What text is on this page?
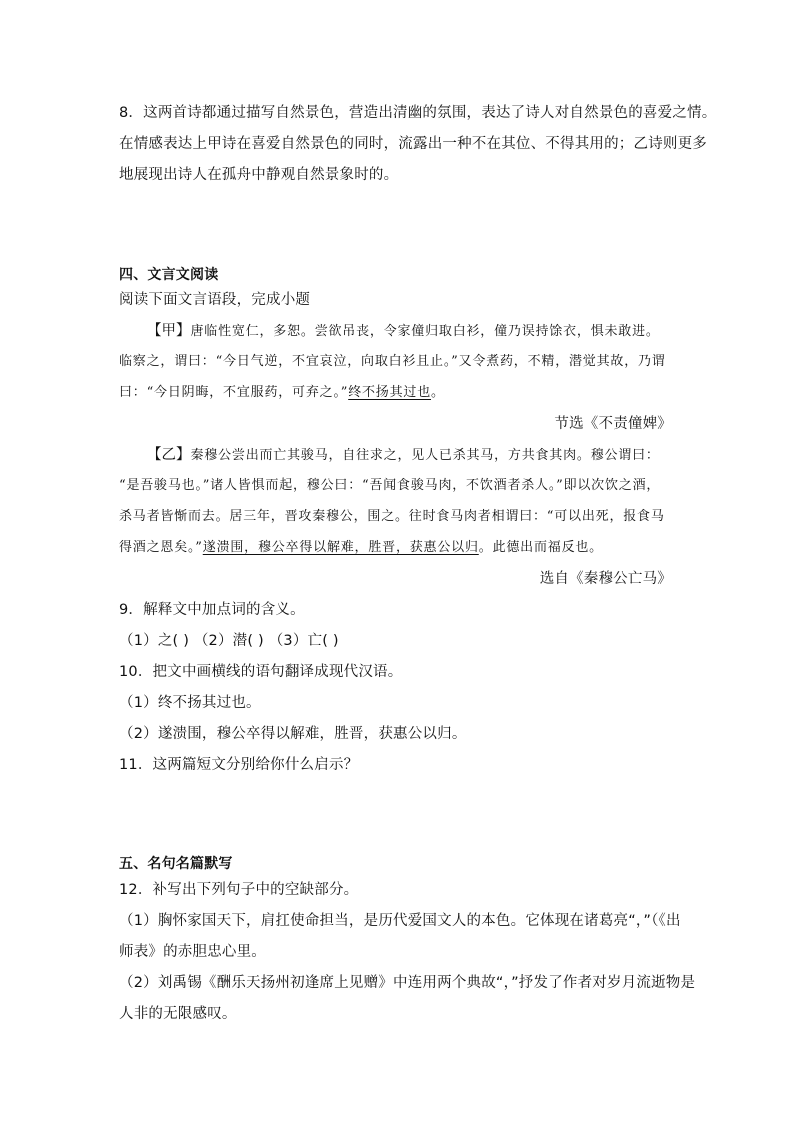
8．这两首诗都通过描写自然景色，营造出清幽的氛围，表达了诗人对自然景色的喜爱之情。
在情感表达上甲诗在喜爱自然景色的同时，流露出一种不在其位、不得其用的；乙诗则更多
地展现出诗人在孤舟中静观自然景象时的。
四、文言文阅读
阅读下面文言语段，完成小题
【甲】唐临性宽仁，多恕。尝欲吊丧，令家僮归取白衫，僮乃误持馀衣，惧未敢进。
临察之，谓曰：“今日气逆，不宜哀泣，向取白衫且止。”又令煮药，不精，潜觉其故，乃谓
曰：“今日阴晦，不宜服药，可弃之。”终不扬其过也。
节选《不责僮婢》
【乙】秦穆公尝出而亡其骏马，自往求之，见人已杀其马，方共食其肉。穆公谓曰：
“是吾骏马也。”诸人皆惧而起，穆公曰：“吾闻食骏马肉，不饮酒者杀人。”即以次饮之酒，
杀马者皆惭而去。居三年，晋攻秦穆公，围之。往时食马肉者相谓曰：“可以出死，报食马
得酒之恩矣。”遂溃围，穆公卒得以解难，胜晋，获惠公以归。此德出而福反也。
选自《秦穆公亡马》
9．解释文中加点词的含义。
（1）之( ) （2）潜( ) （3）亡( )
10．把文中画横线的语句翻译成现代汉语。
（1）终不扬其过也。
（2）遂溃围，穆公卒得以解难，胜晋，获惠公以归。
11．这两篇短文分别给你什么启示？
五、名句名篇默写
12．补写出下列句子中的空缺部分。
（1）胸怀家国天下，肩扛使命担当，是历代爱国文人的本色。它体现在诸葛亮“，”（《出
师表》的赤胆忠心里。
（2）刘禹锡《酬乐天扬州初逢席上见赠》中连用两个典故“，”抒发了作者对岁月流逝物是
人非的无限感叹。
